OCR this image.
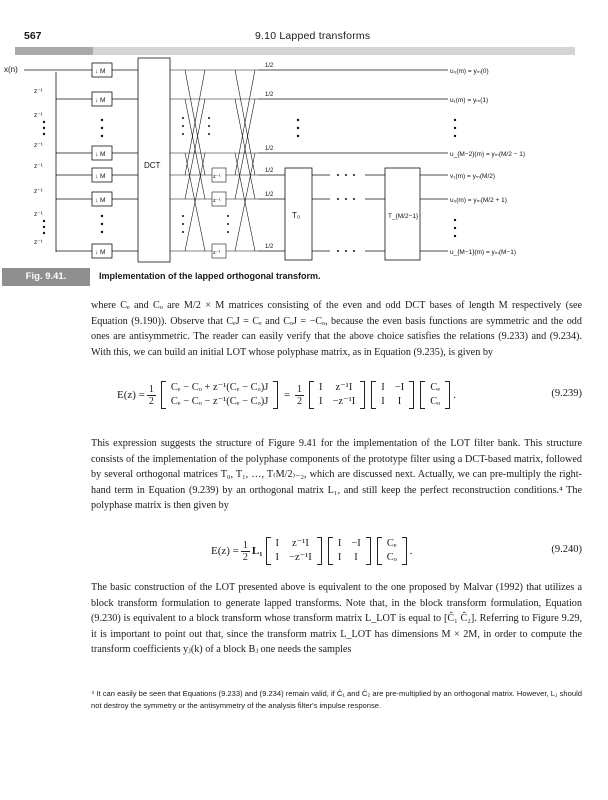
567	9.10 Lapped transforms
x(n)
z⁻¹
z⁻¹
z⁻¹
z⁻¹
z⁻¹
z⁻¹
z⁻¹
↓ M
↓ M
↓ M
↓ M
↓ M
↓ M
DCT
z⁻¹
z⁻¹
z⁻¹
1/2
1/2
1/2
1/2
1/2
1/2
T₀	T_{M/2−1}
u₀(m) = yₘ(0)
u₁(m) = yₘ(1)
u_{M−2}(m) = yₘ(M/2 − 1)
v₁(m) = yₘ(M/2)
u₃(m) = yₘ(M/2 + 1)
u_{M−1}(m) = yₘ(M−1)
Fig. 9.41.	Implementation of the lapped orthogonal transform.

where Cₑ and Cₒ are M/2 × M matrices consisting of the even and odd DCT bases of length M respectively (see Equation (9.190)). Observe that CₑJ = Cₑ and CₒJ = −Cₒ, because the even basis functions are symmetric and the odd ones are antisymmetric. The reader can easily verify that the above choice satisfies the relations (9.233) and (9.234). With this, we can build an initial LOT whose polyphase matrix, as in Equation (9.235), is given by

$E(z) = \frac{1}{2}$ Cₑ − Cₒ + z⁻¹(Cₑ − Cₒ)J
Cₑ − Cₒ − z⁻¹(Cₑ − Cₒ)J
= $\frac{1}{2}$ I	z⁻¹I
I	−z⁻¹I
I	−I
I	I
Cₑ
Cₒ
.	(9.239)

This expression suggests the structure of Figure 9.41 for the implementation of the LOT filter bank. This structure consists of the implementation of the polyphase components of the prototype filter using a DCT-based matrix, followed by several orthogonal matrices T₀, T₁, …, T₍M/2₎₋₂, which are discussed next. Actually, we can pre-multiply the right-hand term in Equation (9.239) by an orthogonal matrix L₁, and still keep the perfect reconstruction conditions.⁴ The polyphase matrix is then given by

$E(z) = \frac{1}{2} L_1$
I	z⁻¹I
I	−z⁻¹I
I	−I
I	I
Cₑ
Cₒ
.	(9.240)

The basic construction of the LOT presented above is equivalent to the one proposed by Malvar (1992) that utilizes a block transform formulation to generate lapped transforms. Note that, in the block transform formulation, Equation (9.230) is equivalent to a block transform whose transform matrix L_LOT is equal to [Ĉ₁ Ĉ₂]. Referring to Figure 9.29, it is important to point out that, since the transform matrix L_LOT has dimensions M × 2M, in order to compute the transform coefficients yⱼ(k) of a block Bⱼ one needs the samples

⁴ It can easily be seen that Equations (9.233) and (9.234) remain valid, if Ĉ₁ and Ĉ₂ are pre-multiplied by an orthogonal matrix. However, L₁ should not destroy the symmetry or the antisymmetry of the analysis filter's impulse response.
